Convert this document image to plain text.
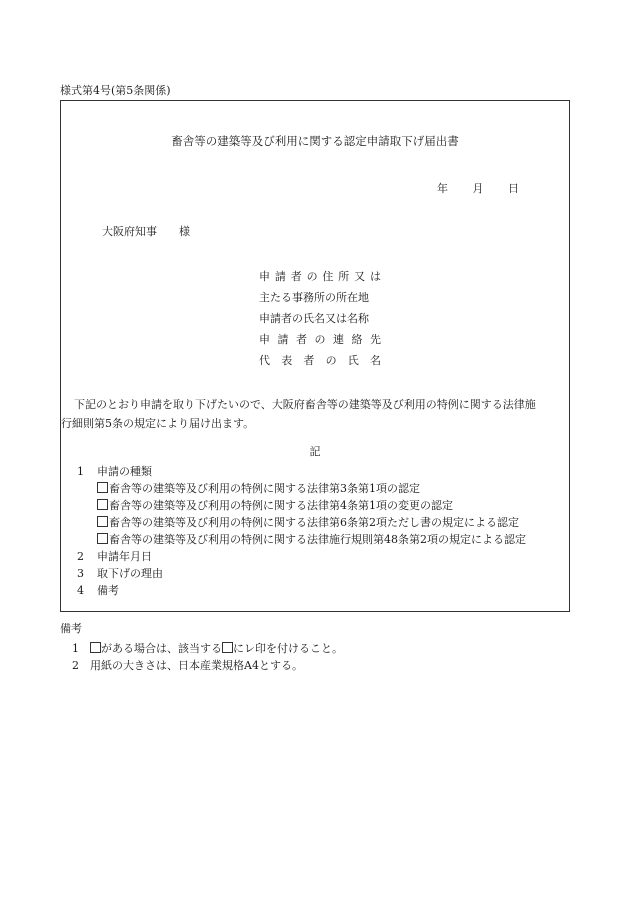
様式第4号(第5条関係)
畜舎等の建築等及び利用に関する認定申請取下げ届出書
年 月 日
大阪府知事 様
申請者の住所又は
主たる事務所の所在地
申請者の氏名又は名称
申請者の連絡先
代表者の氏名
下記のとおり申請を取り下げたいので、大阪府畜舎等の建築等及び利用の特例に関する法律施
行細則第5条の規定により届け出ます。
記
1 申請の種類
畜舎等の建築等及び利用の特例に関する法律第3条第1項の認定
畜舎等の建築等及び利用の特例に関する法律第4条第1項の変更の認定
畜舎等の建築等及び利用の特例に関する法律第6条第2項ただし書の規定による認定
畜舎等の建築等及び利用の特例に関する法律施行規則第48条第2項の規定による認定
2 申請年月日
3 取下げの理由
4 備考
備考
1 がある場合は、該当する にレ印を付けること。
2 用紙の大きさは、日本産業規格A4とする。
